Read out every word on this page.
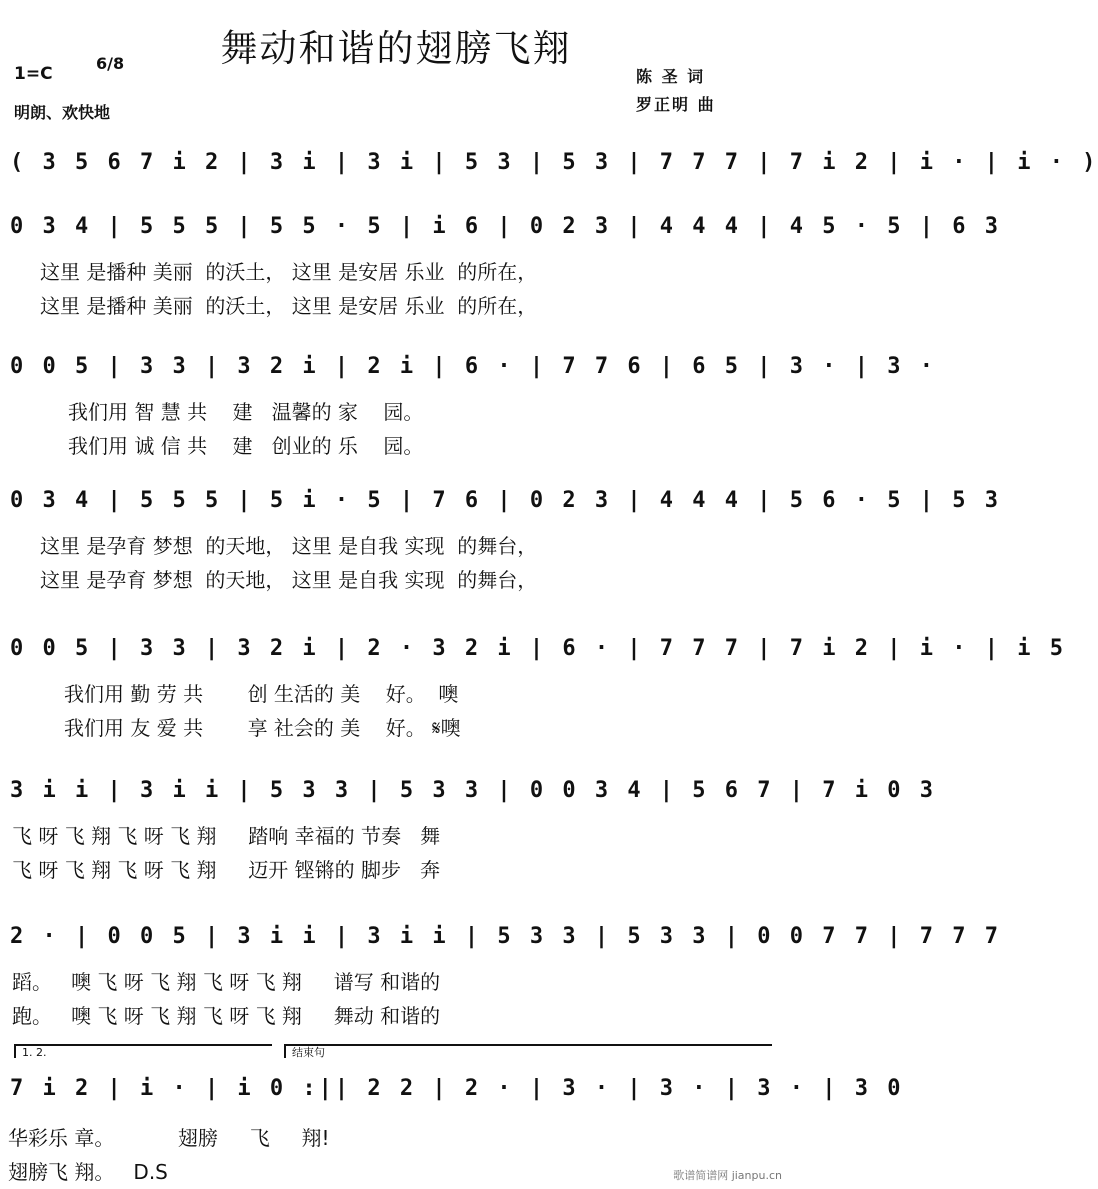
舞动和谐的翅膀飞翔
1=C
6/8
明朗、欢快地
陈 圣 词
罗正明 曲
( 3 5 6 7 i 2 | 3 i | 3 i | 5 3 | 5 3 | 7 7 7 | 7 i 2 | i · | i · )
0 3 4 | 5 5 5 | 5 5 · 5 | i 6 | 0 2 3 | 4 4 4 | 4 5 · 5 | 6 3
这里 是播种 美丽  的沃土， 这里 是安居 乐业  的所在，
这里 是播种 美丽  的沃土， 这里 是安居 乐业  的所在，
0 0 5 | 3 3 | 3 2 i | 2 i | 6 · | 7 7 6 | 6 5 | 3 · | 3 ·
我们用 智 慧 共    建   温馨的 家    园。
我们用 诚 信 共    建   创业的 乐    园。
0 3 4 | 5 5 5 | 5 i · 5 | 7 6 | 0 2 3 | 4 4 4 | 5 6 · 5 | 5 3
这里 是孕育 梦想  的天地， 这里 是自我 实现  的舞台，
这里 是孕育 梦想  的天地， 这里 是自我 实现  的舞台，
0 0 5 | 3 3 | 3 2 i | 2 · 3 2 i | 6 · | 7 7 7 | 7 i 2 | i · | i 5
我们用 勤 劳 共       创 生活的 美    好。  噢
我们用 友 爱 共       享 社会的 美    好。 𝄋噢
3 i i | 3 i i | 5 3 3 | 5 3 3 | 0 0 3 4 | 5 6 7 | 7 i 0 3
飞 呀 飞 翔 飞 呀 飞 翔     踏响 幸福的 节奏   舞
飞 呀 飞 翔 飞 呀 飞 翔     迈开 铿锵的 脚步   奔
2 · | 0 0 5 | 3 i i | 3 i i | 5 3 3 | 5 3 3 | 0 0 7 7 | 7 7 7
蹈。   噢 飞 呀 飞 翔 飞 呀 飞 翔     谱写 和谐的
跑。   噢 飞 呀 飞 翔 飞 呀 飞 翔     舞动 和谐的
1. 2.	结束句
7 i 2 | i · | i 0 :|| 2 2 | 2 · | 3 · | 3 · | 3 · | 3 0
华彩乐 章。          翅膀     飞     翔!
翅膀飞 翔。   D.S	歌谱简谱网 jianpu.cn
